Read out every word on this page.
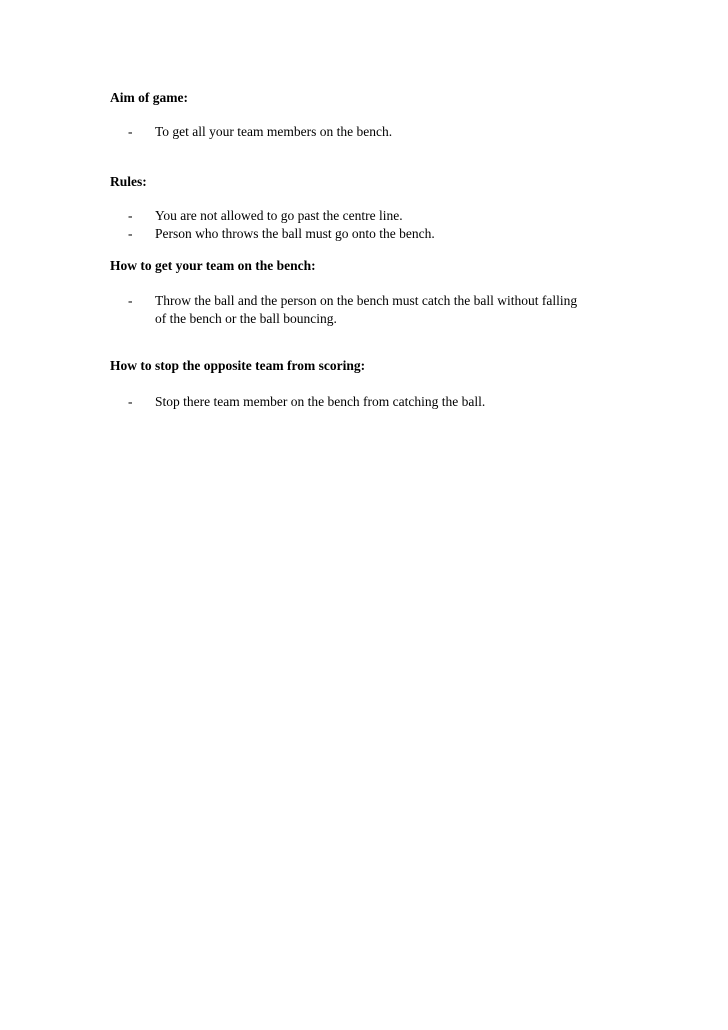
Aim of game:
- To get all your team members on the bench.
Rules:
- You are not allowed to go past the centre line.
- Person who throws the ball must go onto the bench.
How to get your team on the bench:
- Throw the ball and the person on the bench must catch the ball without falling
of the bench or the ball bouncing.
How to stop the opposite team from scoring:
- Stop there team member on the bench from catching the ball.
